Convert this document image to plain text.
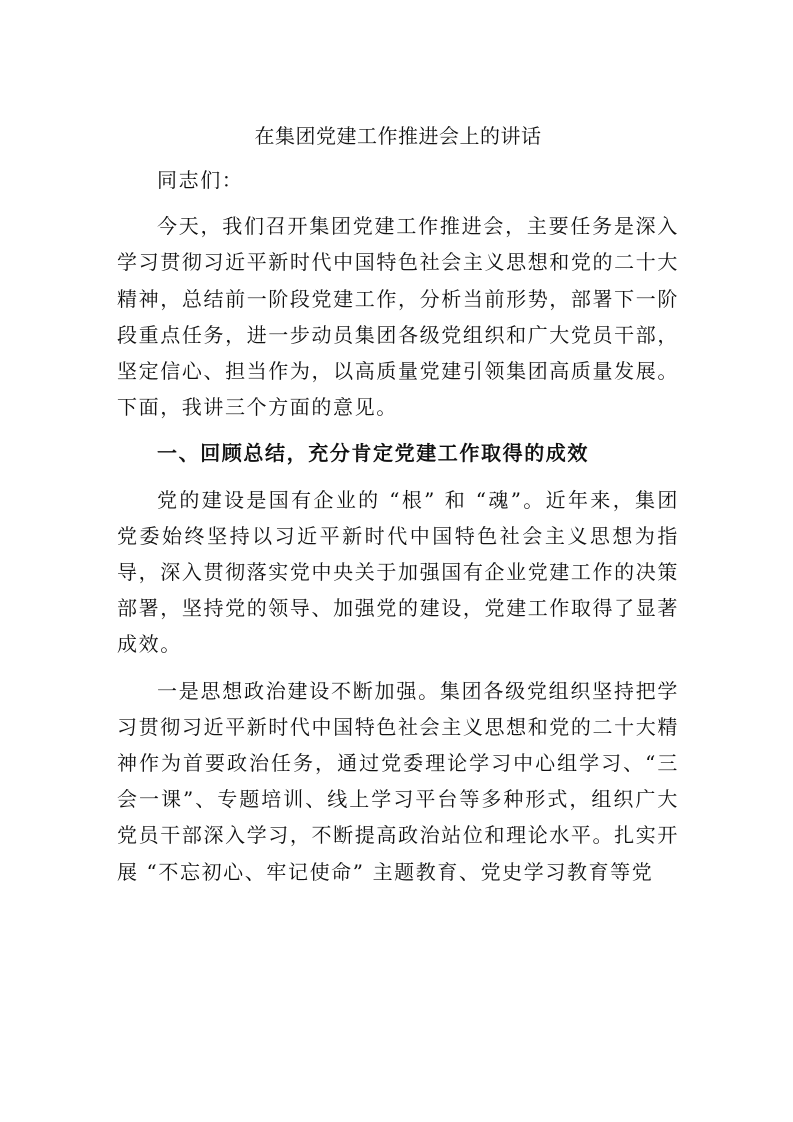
在集团党建工作推进会上的讲话

同志们：

今天，我们召开集团党建工作推进会，主要任务是深入学习贯彻习近平新时代中国特色社会主义思想和党的二十大精神，总结前一阶段党建工作，分析当前形势，部署下一阶段重点任务，进一步动员集团各级党组织和广大党员干部，坚定信心、担当作为，以高质量党建引领集团高质量发展。下面，我讲三个方面的意见。

一、回顾总结，充分肯定党建工作取得的成效

党的建设是国有企业的 “根” 和 “魂”。近年来，集团党委始终坚持以习近平新时代中国特色社会主义思想为指导，深入贯彻落实党中央关于加强国有企业党建工作的决策部署，坚持党的领导、加强党的建设，党建工作取得了显著成效。

一是思想政治建设不断加强。集团各级党组织坚持把学习贯彻习近平新时代中国特色社会主义思想和党的二十大精神作为首要政治任务，通过党委理论学习中心组学习、“三会一课”、专题培训、线上学习平台等多种形式，组织广大党员干部深入学习，不断提高政治站位和理论水平。扎实开展 “不忘初心、牢记使命” 主题教育、党史学习教育等党
